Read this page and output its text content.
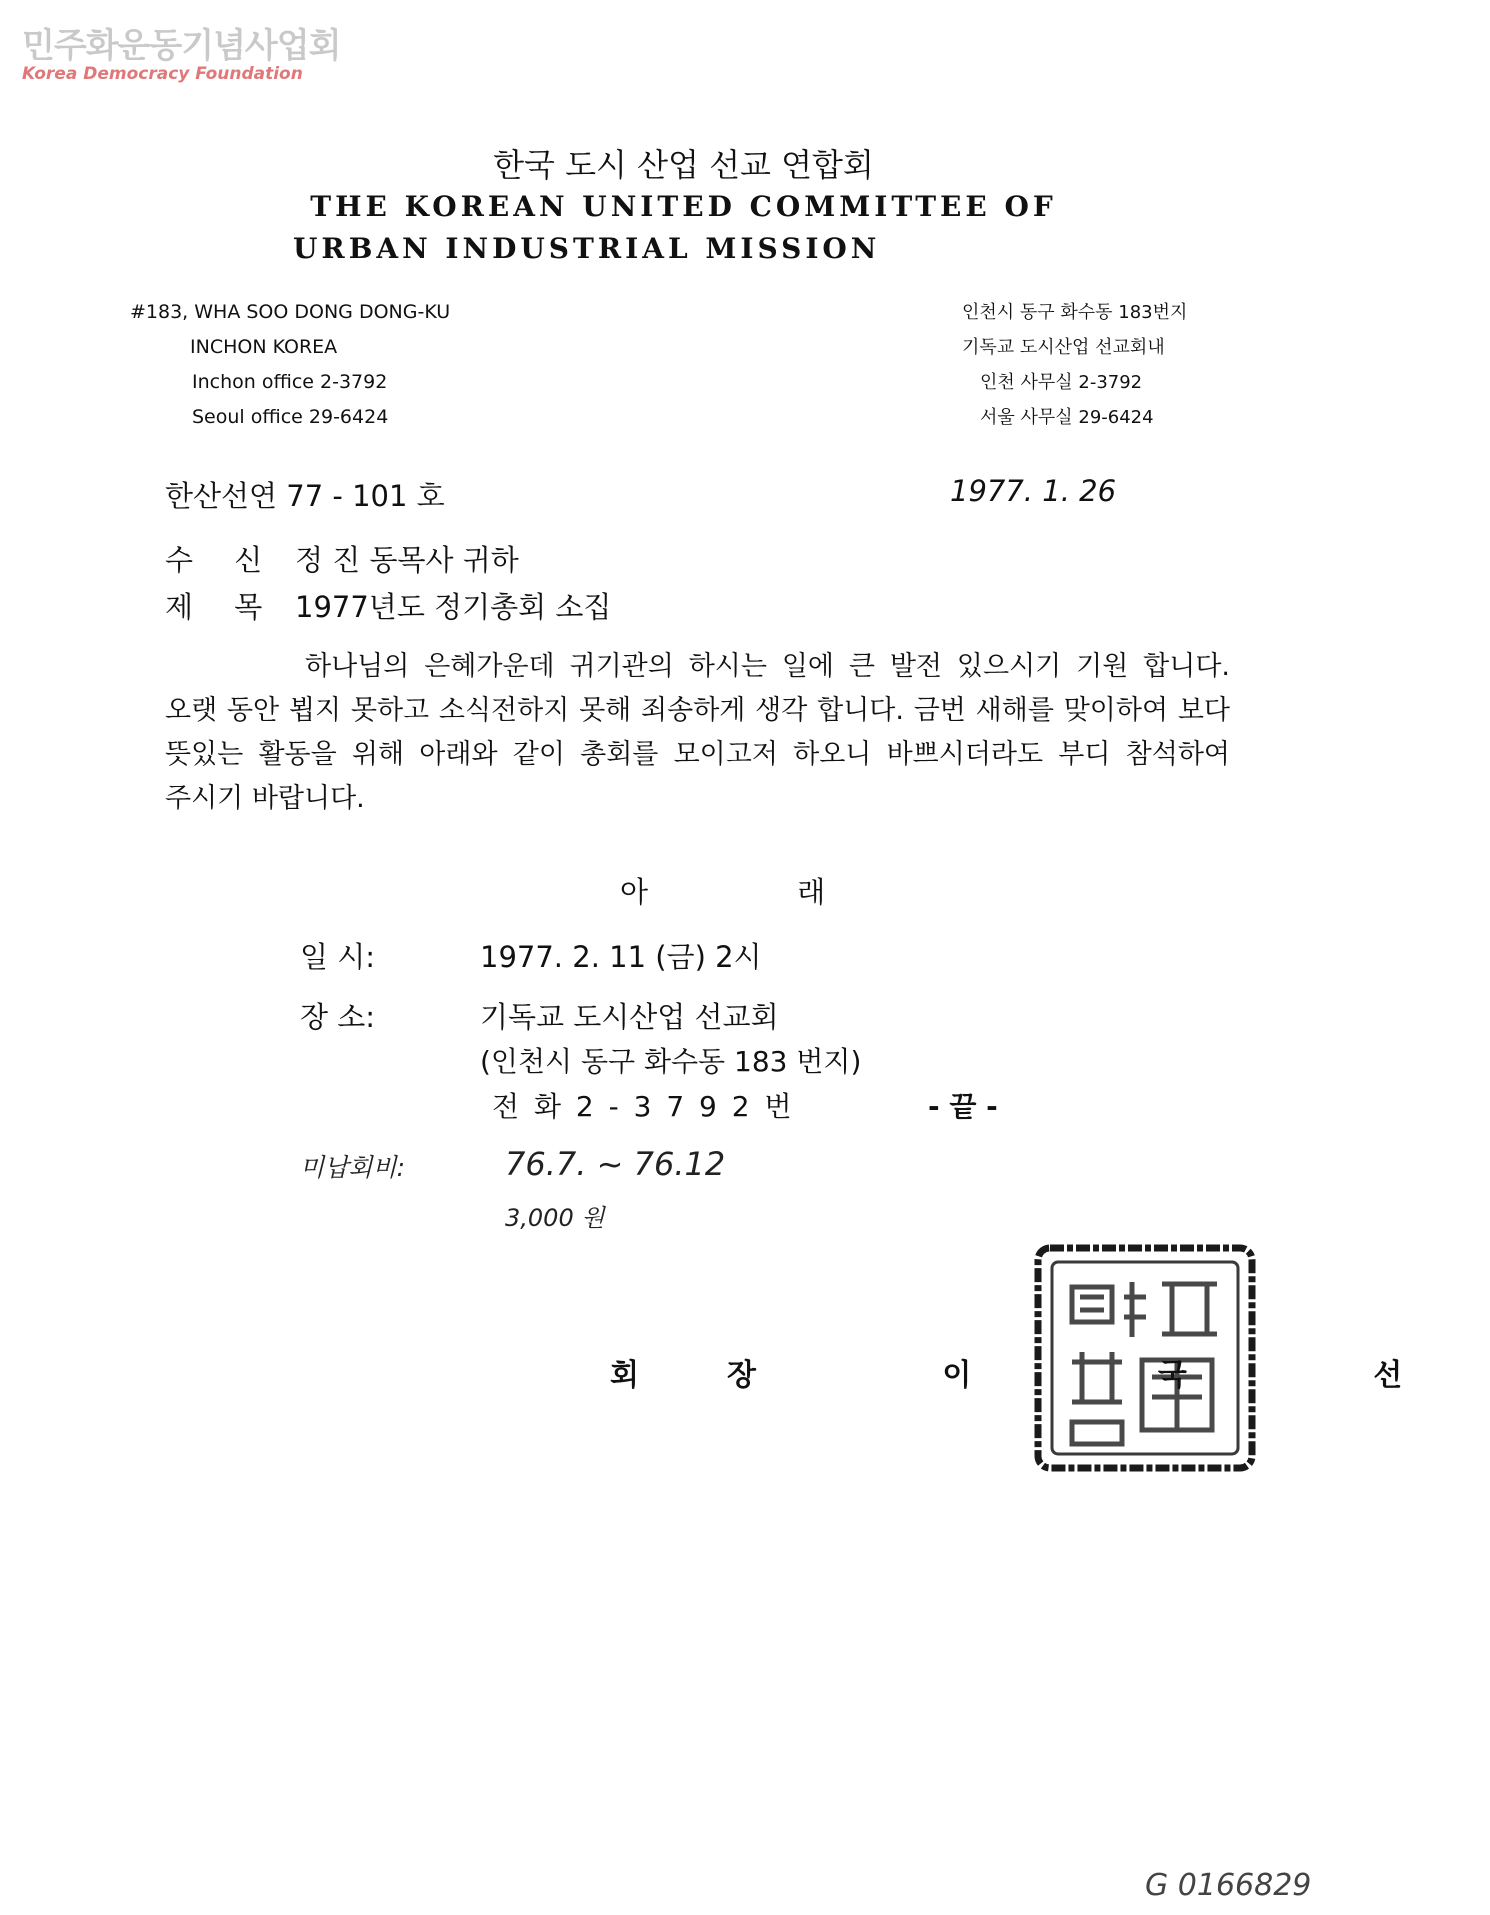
민주화운동기념사업회
Korea Democracy Foundation
한국 도시 산업 선교 연합회
THE KOREAN UNITED COMMITTEE OF
URBAN INDUSTRIAL MISSION
#183, WHA SOO DONG DONG-KU
INCHON KOREA
Inchon office 2-3792
Seoul office 29-6424
인천시 동구 화수동 183번지
기독교 도시산업 선교회내
인천 사무실 2-3792
서울 사무실 29-6424
한산선연 77 - 101 호	1977. 1. 26
수 신 정 진 동목사 귀하
제 목 1977년도 정기총회 소집
하나님의 은혜가운데 귀기관의 하시는 일에 큰 발전 있으시기 기원 합니다. 오랫 동안 뵙지 못하고 소식전하지 못해 죄송하게 생각 합니다. 금번 새해를 맞이하여 보다 뜻있는 활동을 위해 아래와 같이 총회를 모이고저 하오니 바쁘시더라도 부디 참석하여 주시기 바랍니다.
아 래
일 시:	1977. 2. 11 (금) 2시
장 소:	기독교 도시산업 선교회
(인천시 동구 화수동 183 번지)
전 화 2 - 3 7 9 2 번	- 끝 -
미납회비:	76.7. ~ 76.12
3,000 원
회장 이 국 선
G 0166829
